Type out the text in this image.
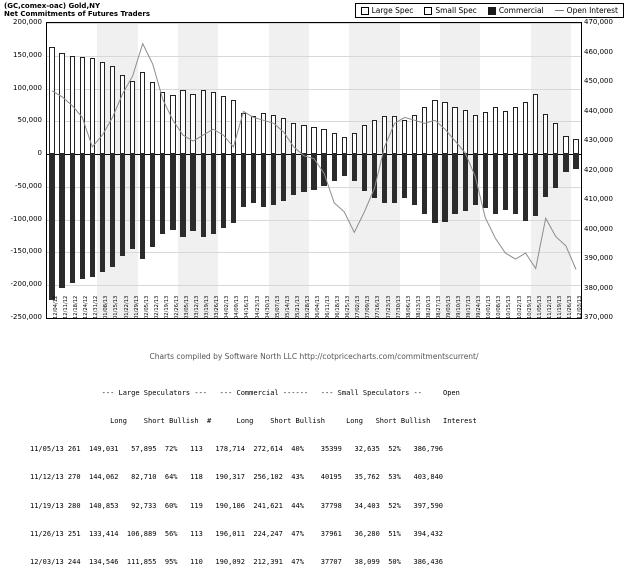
(GC,comex-oac) Gold,NY
Net Commitments of Futures Traders	Large Spec	Small Spec	Commercial	Open Interest
Charts compiled by Software North LLC http://cotpricecharts.com/commitmentscurrent/

--- Large Speculators ---   --- Commercial ------   --- Small Speculators --     Open

Long    Short Bullish  #      Long    Short Bullish     Long   Short Bullish   Interest

11/05/13 261  149,031   57,895  72%   113   178,714  272,614  40%    35399   32,635  52%   386,796

11/12/13 270  144,062   82,710  64%   118   190,317  256,102  43%    40195   35,762  53%   403,840

11/19/13 280  140,853   92,733  60%   119   190,106  241,621  44%    37798   34,403  52%   397,590

11/26/13 251  133,414  106,889  56%   113   196,011  224,247  47%    37961   36,280  51%   394,432

12/03/13 244  134,546  111,855  95%   110   190,092  212,391  47%    37707   38,099  50%   386,436

200,000
150,000
100,000
50,000
0
-50,000
-100,000
-150,000
-200,000
-250,000
470,000
460,000
450,000
440,000
430,000
420,000
410,000
400,000
390,000
380,000
370,000
12/04/12 12/11/12 12/18/12 12/24/12 12/31/12 01/08/13 01/15/13 01/22/13 01/29/13 02/05/13 02/12/13 02/19/13 02/26/13 03/05/13 03/12/13 03/19/13 03/26/13 04/02/13 04/09/13 04/16/13 04/23/13 04/30/13 05/07/13 05/14/13 05/21/13 05/28/13 06/04/13 06/11/13 06/18/13 06/25/13 07/02/13 07/09/13 07/16/13 07/23/13 07/30/13 08/06/13 08/13/13 08/20/13 08/27/13 09/03/13 09/10/13 09/17/13 09/24/13 10/01/13 10/08/13 10/15/13 10/22/13 10/29/13 11/05/13 11/12/13 11/19/13 11/26/13 12/03/13
